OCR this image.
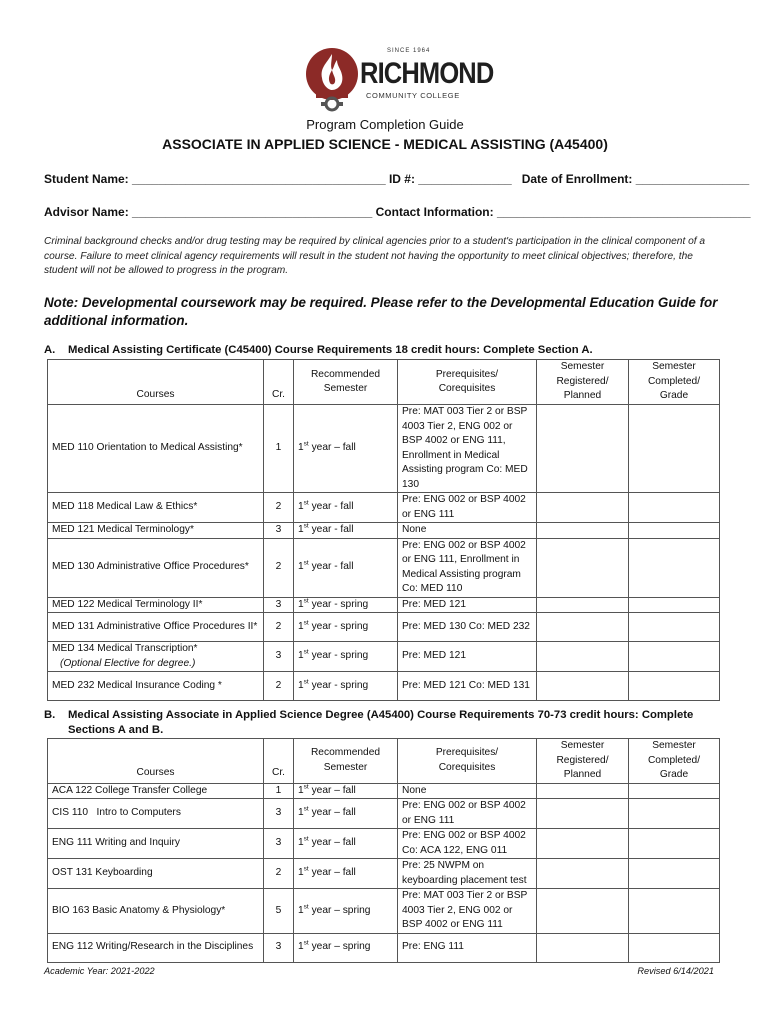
SINCE 1964
RICHMOND
COMMUNITY COLLEGE
Program Completion Guide
ASSOCIATE IN APPLIED SCIENCE - MEDICAL ASSISTING (A45400)
Student Name: ______________________________________ ID #: ______________   Date of Enrollment: _________________
Advisor Name: ____________________________________ Contact Information: ______________________________________
Criminal background checks and/or drug testing may be required by clinical agencies prior to a student's participation in the clinical component of a course. Failure to meet clinical agency requirements will result in the student not having the opportunity to meet clinical objectives; therefore, the student will not be allowed to progress in the program.
Note: Developmental coursework may be required. Please refer to the Developmental Education Guide for additional information.
A. Medical Assisting Certificate (C45400) Course Requirements 18 credit hours: Complete Section A.
Courses	Cr.	Recommended Semester	Prerequisites/ Corequisites	Semester Registered/ Planned	Semester Completed/ Grade
MED 110 Orientation to Medical Assisting*	1	1st year – fall	Pre: MAT 003 Tier 2 or BSP 4003 Tier 2, ENG 002 or BSP 4002 or ENG 111, Enrollment in Medical Assisting program Co: MED 130		
MED 118 Medical Law & Ethics*	2	1st year - fall	Pre: ENG 002 or BSP 4002 or ENG 111		
MED 121 Medical Terminology*	3	1st year - fall	None		
MED 130 Administrative Office Procedures*	2	1st year - fall	Pre: ENG 002 or BSP 4002 or ENG 111, Enrollment in Medical Assisting program Co: MED 110		
MED 122 Medical Terminology II*	3	1st year - spring	Pre: MED 121		
MED 131 Administrative Office Procedures II*	2	1st year - spring	Pre: MED 130 Co: MED 232		

MED 134 Medical Transcription*
(Optional Elective for degree.)	3	1st year - spring	Pre: MED 121		
MED 232 Medical Insurance Coding *	2	1st year - spring	Pre: MED 121 Co: MED 131		
B.	Medical Assisting Associate in Applied Science Degree (A45400) Course Requirements 70-73 credit hours: Complete Sections A and B.
Courses	Cr.	Recommended Semester	Prerequisites/ Corequisites	Semester Registered/ Planned	Semester Completed/ Grade
ACA 122 College Transfer College	1	1st year – fall	None		
CIS 110   Intro to Computers	3	1st year – fall	Pre: ENG 002 or BSP 4002 or ENG 111		
ENG 111 Writing and Inquiry	3	1st year – fall	Pre: ENG 002 or BSP 4002 Co: ACA 122, ENG 011		
OST 131 Keyboarding	2	1st year – fall	Pre: 25 NWPM on keyboarding placement test		
BIO 163 Basic Anatomy & Physiology*	5	1st year – spring	Pre: MAT 003 Tier 2 or BSP 4003 Tier 2, ENG 002 or BSP 4002 or ENG 111		
ENG 112 Writing/Research in the Disciplines	3	1st year – spring	Pre: ENG 111		
Academic Year: 2021-2022	Revised 6/14/2021
